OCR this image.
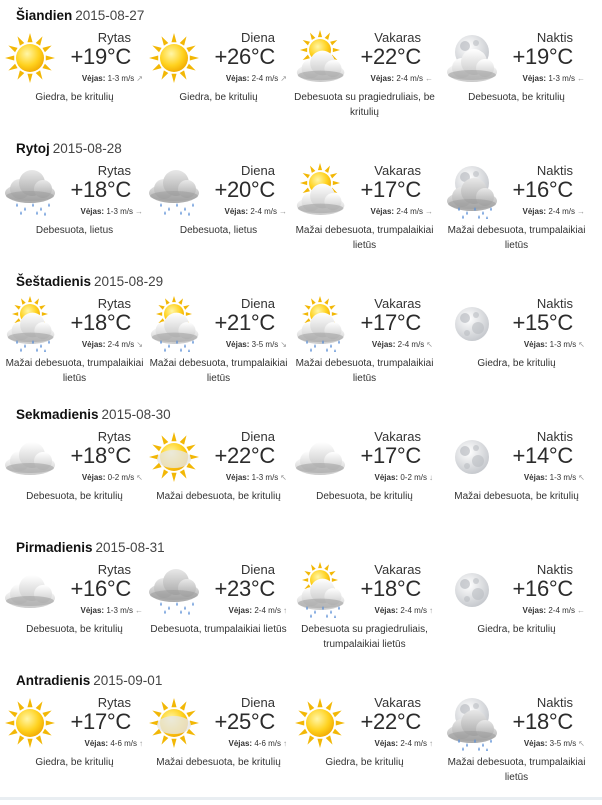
Šiandien 2015-08-27
Rytas
+19°C
Vėjas: 1-3 m/s ↗
Giedra, be kritulių
Diena
+26°C
Vėjas: 2-4 m/s ↗
Giedra, be kritulių
Vakaras
+22°C
Vėjas: 2-4 m/s ←
Debesuota su pragiedruliais, be kritulių
Naktis
+19°C
Vėjas: 1-3 m/s ←
Debesuota, be kritulių
Rytoj 2015-08-28
Rytas
+18°C
Vėjas: 1-3 m/s →
Debesuota, lietus
Diena
+20°C
Vėjas: 2-4 m/s →
Debesuota, lietus
Vakaras
+17°C
Vėjas: 2-4 m/s →
Mažai debesuota, trumpalaikiai lietūs
Naktis
+16°C
Vėjas: 2-4 m/s →
Mažai debesuota, trumpalaikiai lietūs
Šeštadienis 2015-08-29
Rytas
+18°C
Vėjas: 2-4 m/s ↘
Mažai debesuota, trumpalaikiai lietūs
Diena
+21°C
Vėjas: 3-5 m/s ↘
Mažai debesuota, trumpalaikiai lietūs
Vakaras
+17°C
Vėjas: 2-4 m/s ↖
Mažai debesuota, trumpalaikiai lietūs
Naktis
+15°C
Vėjas: 1-3 m/s ↖
Giedra, be kritulių
Sekmadienis 2015-08-30
Rytas
+18°C
Vėjas: 0-2 m/s ↖
Debesuota, be kritulių
Diena
+22°C
Vėjas: 1-3 m/s ↖
Mažai debesuota, be kritulių
Vakaras
+17°C
Vėjas: 0-2 m/s ↓
Debesuota, be kritulių
Naktis
+14°C
Vėjas: 1-3 m/s ↖
Mažai debesuota, be kritulių
Pirmadienis 2015-08-31
Rytas
+16°C
Vėjas: 1-3 m/s ←
Debesuota, be kritulių
Diena
+23°C
Vėjas: 2-4 m/s ↑
Debesuota, trumpalaikiai lietūs
Vakaras
+18°C
Vėjas: 2-4 m/s ↑
Debesuota su pragiedruliais, trumpalaikiai lietūs
Naktis
+16°C
Vėjas: 2-4 m/s ←
Giedra, be kritulių
Antradienis 2015-09-01
Rytas
+17°C
Vėjas: 4-6 m/s ↑
Giedra, be kritulių
Diena
+25°C
Vėjas: 4-6 m/s ↑
Mažai debesuota, be kritulių
Vakaras
+22°C
Vėjas: 2-4 m/s ↑
Giedra, be kritulių
Naktis
+18°C
Vėjas: 3-5 m/s ↖
Mažai debesuota, trumpalaikiai lietūs
